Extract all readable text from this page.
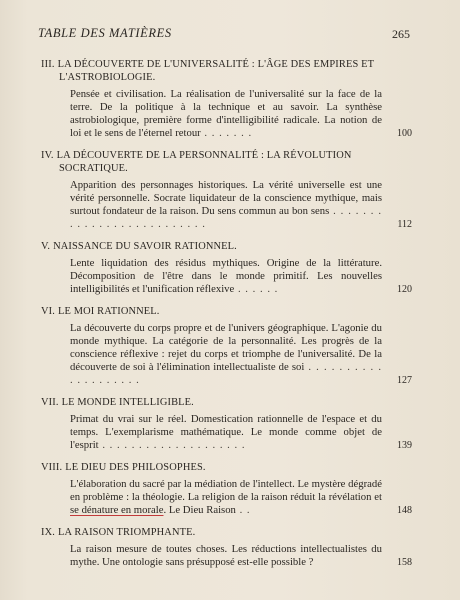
TABLE DES MATIÈRES	265
III. LA DÉCOUVERTE DE L'UNIVERSALITÉ : L'ÂGE DES EMPIRES ET L'ASTROBIOLOGIE.
Pensée et civilisation. La réalisation de l'universalité sur la face de la terre. De la politique à la technique et au savoir. La synthèse astrobiologique, première forme d'intelligibilité radicale. La notion de loi et le sens de l'éternel retour . . . . . . .	100
IV. LA DÉCOUVERTE DE LA PERSONNALITÉ : LA RÉVOLUTION SOCRATIQUE.
Apparition des personnages historiques. La vérité universelle est une vérité personnelle. Socrate liquidateur de la conscience mythique, mais surtout fondateur de la raison. Du sens commun au bon sens . . . . . . . . . . . . . . . . . . . . . . . . . .	112
V. NAISSANCE DU SAVOIR RATIONNEL.
Lente liquidation des résidus mythiques. Origine de la littérature. Décomposition de l'être dans le monde primitif. Les nouvelles intelligibilités et l'unification réflexive . . . . . .	120
VI. LE MOI RATIONNEL.
La découverte du corps propre et de l'univers géographique. L'agonie du monde mythique. La catégorie de la personnalité. Les progrès de la conscience réflexive : rejet du corps et triomphe de l'universalité. De la découverte de soi à l'élimination intellectualiste de soi . . . . . . . . . . . . . . . . . . . .	127
VII. LE MONDE INTELLIGIBLE.
Primat du vrai sur le réel. Domestication rationnelle de l'espace et du temps. L'exemplarisme mathématique. Le monde comme objet de l'esprit . . . . . . . . . . . . . . . . . . . .	139
VIII. LE DIEU DES PHILOSOPHES.
L'élaboration du sacré par la médiation de l'intellect. Le mystère dégradé en problème : la théologie. La religion de la raison réduit la révélation et se dénature en morale. Le Dieu Raison . .	148
IX. LA RAISON TRIOMPHANTE.
La raison mesure de toutes choses. Les réductions intellectualistes du mythe. Une ontologie sans présupposé est-elle possible ?	158
